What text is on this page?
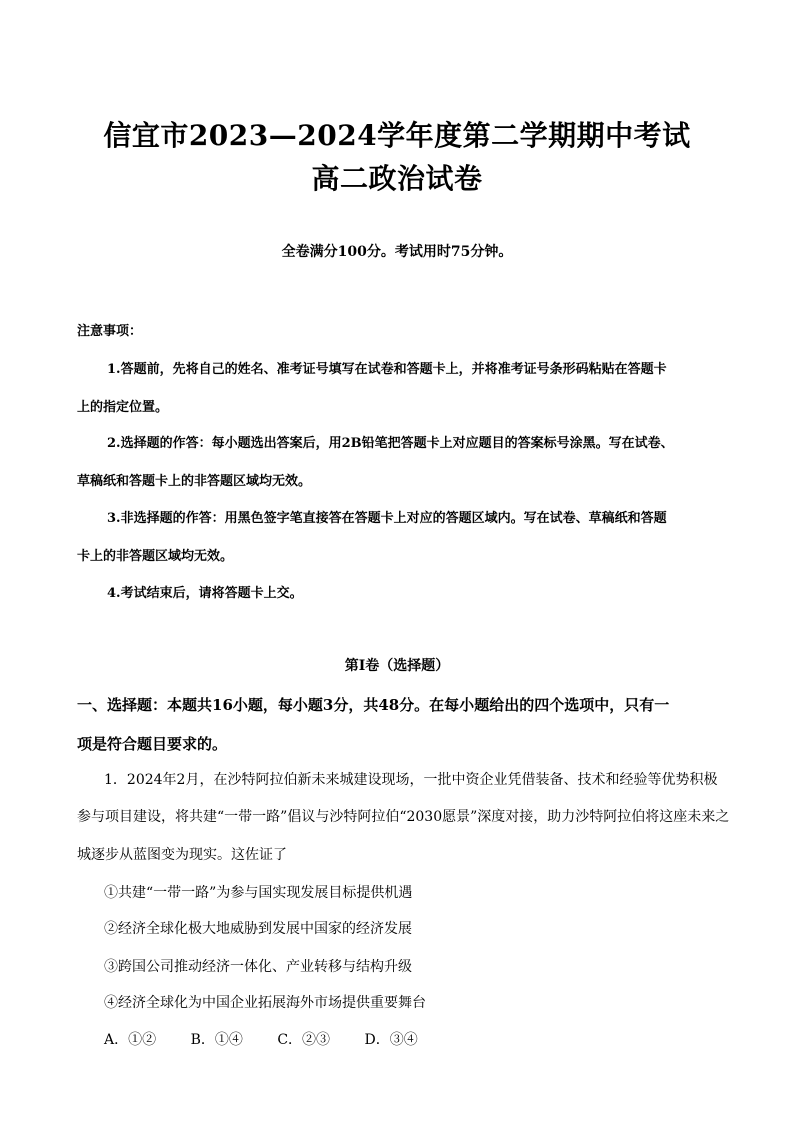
信宜市2023—2024学年度第二学期期中考试
高二政治试卷
全卷满分100分。考试用时75分钟。
注意事项：
1.答题前，先将自己的姓名、准考证号填写在试卷和答题卡上，并将准考证号条形码粘贴在答题卡
上的指定位置。
2.选择题的作答：每小题选出答案后，用2B铅笔把答题卡上对应题目的答案标号涂黑。写在试卷、
草稿纸和答题卡上的非答题区域均无效。
3.非选择题的作答：用黑色签字笔直接答在答题卡上对应的答题区域内。写在试卷、草稿纸和答题
卡上的非答题区域均无效。
4.考试结束后，请将答题卡上交。
第I卷（选择题）
一、选择题：本题共16小题，每小题3分，共48分。在每小题给出的四个选项中，只有一
项是符合题目要求的。
1．2024年2月，在沙特阿拉伯新未来城建设现场，一批中资企业凭借装备、技术和经验等优势积极
参与项目建设，将共建“一带一路”倡议与沙特阿拉伯“2030愿景”深度对接，助力沙特阿拉伯将这座未来之
城逐步从蓝图变为现实。这佐证了
①共建“一带一路”为参与国实现发展目标提供机遇
②经济全球化极大地威胁到发展中国家的经济发展
③跨国公司推动经济一体化、产业转移与结构升级
④经济全球化为中国企业拓展海外市场提供重要舞台
A．①② B．①④ C．②③ D．③④
